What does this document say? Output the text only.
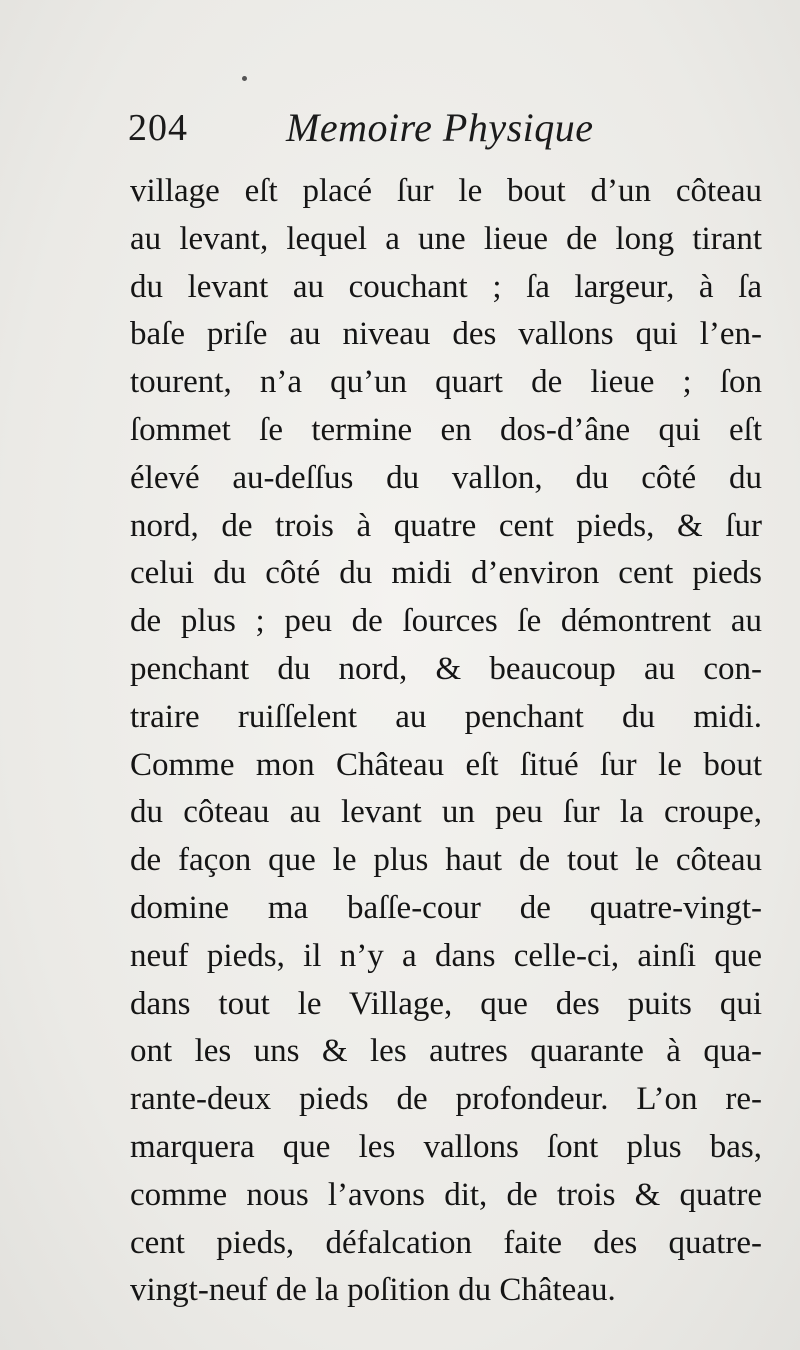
204 Memoire Physique
village eſt placé ſur le bout d’un côteau
au levant, lequel a une lieue de long tirant
du levant au couchant ; ſa largeur, à ſa
baſe priſe au niveau des vallons qui l’en-
tourent, n’a qu’un quart de lieue ; ſon
ſommet ſe termine en dos-d’âne qui eſt
élevé au-deſſus du vallon, du côté du
nord, de trois à quatre cent pieds, & ſur
celui du côté du midi d’environ cent pieds
de plus ; peu de ſources ſe démontrent au
penchant du nord, & beaucoup au con-
traire ruiſſelent au penchant du midi.
Comme mon Château eſt ſitué ſur le bout
du côteau au levant un peu ſur la croupe,
de façon que le plus haut de tout le côteau
domine ma baſſe-cour de quatre-vingt-
neuf pieds, il n’y a dans celle-ci, ainſi que
dans tout le Village, que des puits qui
ont les uns & les autres quarante à qua-
rante-deux pieds de profondeur. L’on re-
marquera que les vallons ſont plus bas,
comme nous l’avons dit, de trois & quatre
cent pieds, défalcation faite des quatre-
vingt-neuf de la poſition du Château.
